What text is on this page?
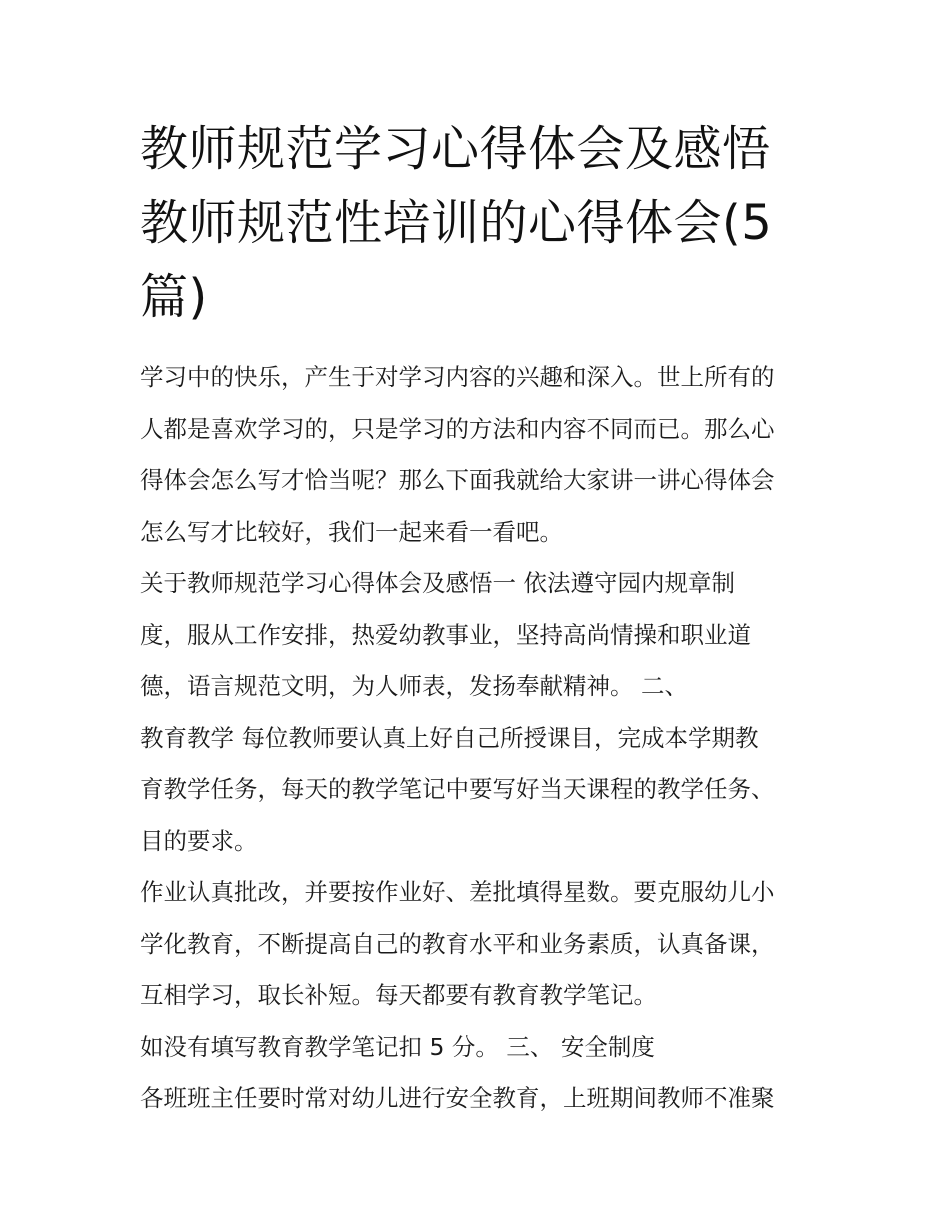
教师规范学习心得体会及感悟
教师规范性培训的心得体会(5
篇)
学习中的快乐，产生于对学习内容的兴趣和深入。世上所有的
人都是喜欢学习的，只是学习的方法和内容不同而已。那么心
得体会怎么写才恰当呢？那么下面我就给大家讲一讲心得体会
怎么写才比较好，我们一起来看一看吧。
关于教师规范学习心得体会及感悟一 依法遵守园内规章制
度，服从工作安排，热爱幼教事业，坚持高尚情操和职业道
德，语言规范文明，为人师表，发扬奉献精神。 二、
教育教学 每位教师要认真上好自己所授课目，完成本学期教
育教学任务，每天的教学笔记中要写好当天课程的教学任务、
目的要求。
作业认真批改，并要按作业好、差批填得星数。要克服幼儿小
学化教育，不断提高自己的教育水平和业务素质，认真备课，
互相学习，取长补短。每天都要有教育教学笔记。
如没有填写教育教学笔记扣 5 分。 三、 安全制度
各班班主任要时常对幼儿进行安全教育，上班期间教师不准聚
